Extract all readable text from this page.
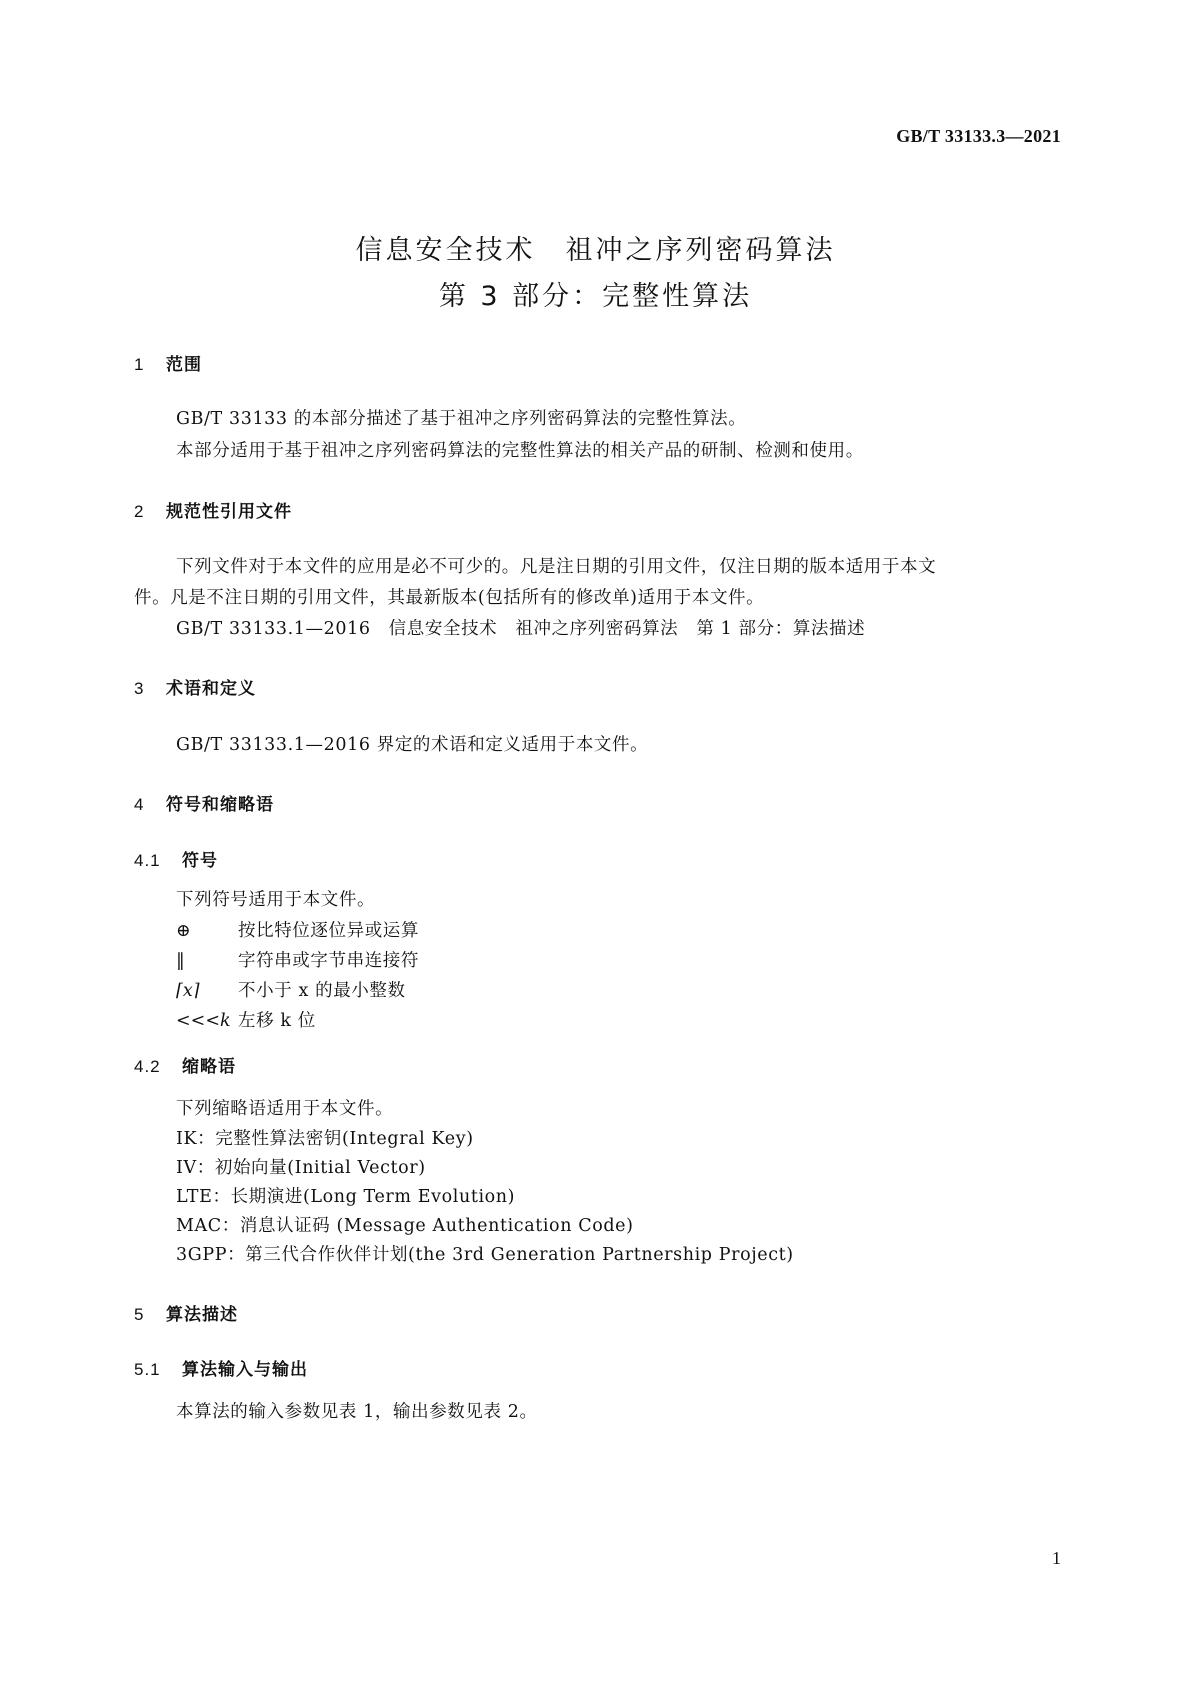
GB/T 33133.3—2021
信息安全技术　祖冲之序列密码算法
第 3 部分：完整性算法
1 范围
GB/T 33133 的本部分描述了基于祖冲之序列密码算法的完整性算法。
本部分适用于基于祖冲之序列密码算法的完整性算法的相关产品的研制、检测和使用。
2 规范性引用文件
下列文件对于本文件的应用是必不可少的。凡是注日期的引用文件，仅注日期的版本适用于本文
件。凡是不注日期的引用文件，其最新版本(包括所有的修改单)适用于本文件。
GB/T 33133.1—2016　信息安全技术　祖冲之序列密码算法　第 1 部分：算法描述
3 术语和定义
GB/T 33133.1—2016 界定的术语和定义适用于本文件。
4 符号和缩略语
4.1 符号
下列符号适用于本文件。
⊕	按比特位逐位异或运算
‖	字符串或字节串连接符
⌈x⌉ 不小于 x 的最小整数
<<<k 左移 k 位
4.2 缩略语
下列缩略语适用于本文件。
IK：完整性算法密钥(Integral Key)
IV：初始向量(Initial Vector)
LTE：长期演进(Long Term Evolution)
MAC：消息认证码 (Message Authentication Code)
3GPP：第三代合作伙伴计划(the 3rd Generation Partnership Project)
5 算法描述
5.1 算法输入与输出
本算法的输入参数见表 1，输出参数见表 2。
1
